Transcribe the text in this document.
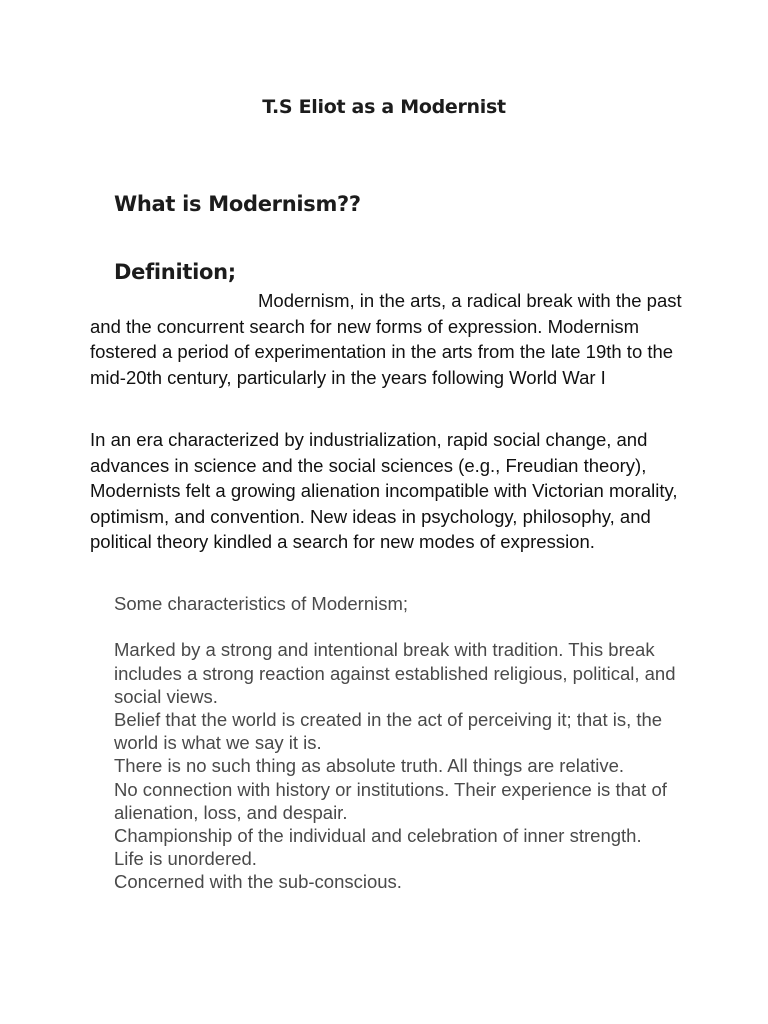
T.S Eliot as a Modernist
What is Modernism??
Definition;

Modernism, in the arts, a radical break with the past and the concurrent search for new forms of expression. Modernism fostered a period of experimentation in the arts from the late 19th to the mid-20th century, particularly in the years following World War I

In an era characterized by industrialization, rapid social change, and advances in science and the social sciences (e.g., Freudian theory), Modernists felt a growing alienation incompatible with Victorian morality, optimism, and convention. New ideas in psychology, philosophy, and political theory kindled a search for new modes of expression.

Some characteristics of Modernism;

Marked by a strong and intentional break with tradition. This break includes a strong reaction against established religious, political, and social views.
Belief that the world is created in the act of perceiving it; that is, the world is what we say it is.
There is no such thing as absolute truth. All things are relative.
No connection with history or institutions. Their experience is that of alienation, loss, and despair.
Championship of the individual and celebration of inner strength.
Life is unordered.
Concerned with the sub-conscious.
